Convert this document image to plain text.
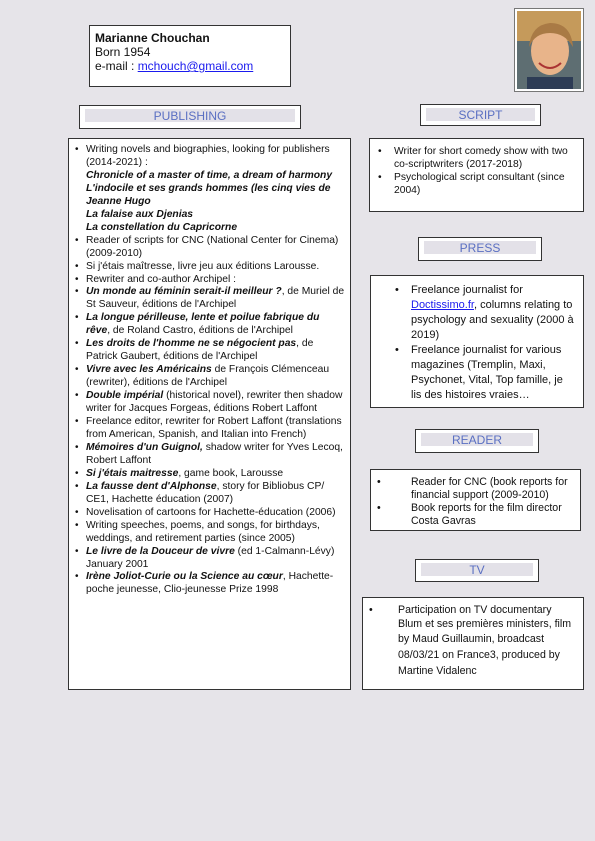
Marianne Chouchan
Born 1954
e-mail : mchouch@gmail.com
PUBLISHING
• Writing novels and biographies, looking for publishers (2014-2021) :
Chronicle of a master of time, a dream of harmony
L'indocile et ses grands hommes (les cinq vies de Jeanne Hugo
La falaise aux Djenias
La constellation du Capricorne
• Reader of scripts for CNC (National Center for Cinema) (2009-2010)
• Si j'étais maîtresse, livre jeu aux éditions Larousse.
• Rewriter and co-author Archipel :
• Un monde au féminin serait-il meilleur ?, de Muriel de St Sauveur, éditions de l'Archipel
• La longue périlleuse, lente et poilue fabrique du rêve, de Roland Castro, éditions de l'Archipel
• Les droits de l'homme ne se négocient pas, de Patrick Gaubert, éditions de l'Archipel
• Vivre avec les Américains de François Clémenceau (rewriter), éditions de l'Archipel
• Double impérial (historical novel), rewriter then shadow writer for Jacques Forgeas, éditions Robert Laffont
• Freelance editor, rewriter for Robert Laffont (translations from American, Spanish, and Italian into French)
• Mémoires d'un Guignol, shadow writer for Yves Lecoq, Robert Laffont
• Si j'étais maitresse, game book, Larousse
• La fausse dent d'Alphonse, story for Bibliobus CP/ CE1, Hachette éducation (2007)
• Novelisation of cartoons for Hachette-éducation (2006)
• Writing speeches, poems, and songs, for birthdays, weddings, and retirement parties (since 2005)
• Le livre de la Douceur de vivre (ed 1-Calmann-Lévy) January 2001
• Irène Joliot-Curie ou la Science au cœur, Hachette-poche jeunesse, Clio-jeunesse Prize 1998
SCRIPT
• Writer for short comedy show with two co-scriptwriters (2017-2018)
• Psychological script consultant (since 2004)
PRESS
• Freelance journalist for Doctissimo.fr, columns relating to psychology and sexuality (2000 à 2019)
• Freelance journalist for various magazines (Tremplin, Maxi, Psychonet, Vital, Top famille, je lis des histoires vraies…
READER
• Reader for CNC (book reports for financial support (2009-2010)
• Book reports for the film director Costa Gavras
TV
• Participation on TV documentary Blum et ses premières ministers, film
by Maud Guillaumin, broadcast 08/03/21 on France3, produced by Martine Vidalenc
